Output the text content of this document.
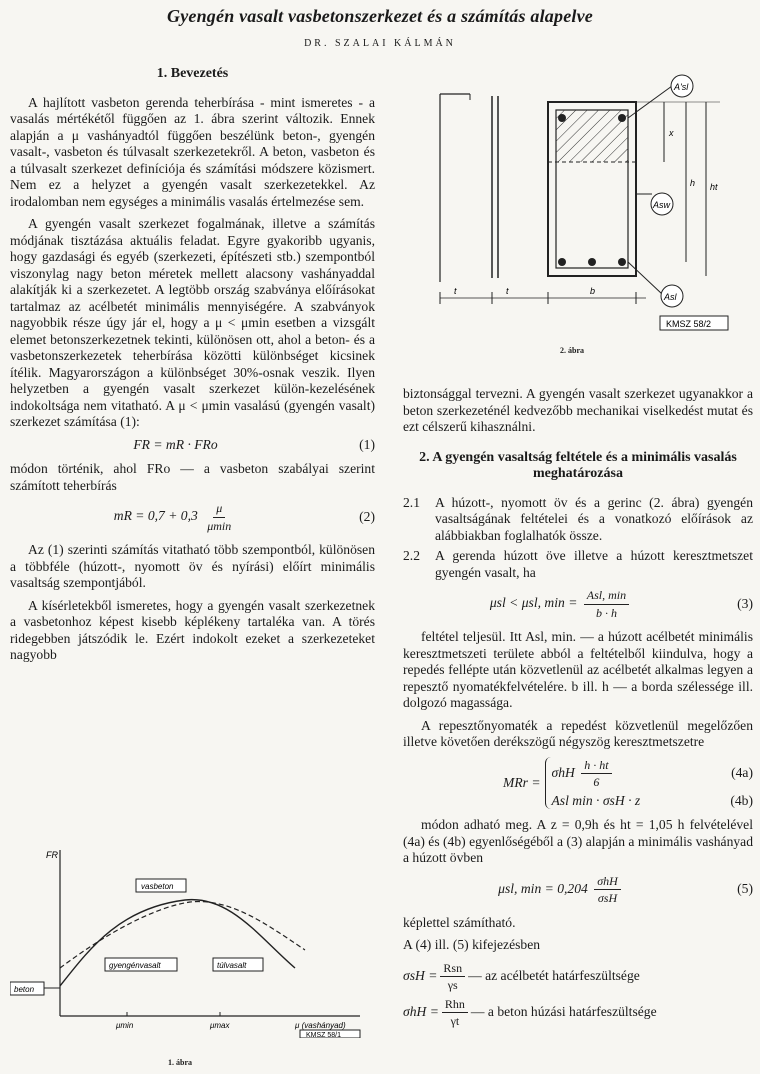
Gyengén vasalt vasbetonszerkezet és a számítás alapelve
DR. SZALAI KÁLMÁN
1. Bevezetés

A hajlított vasbeton gerenda teherbírása - mint ismeretes - a vasalás mértékétől függően az 1. ábra szerint változik. Ennek alapján a μ vashányadtól függően beszélünk beton-, gyengén vasalt-, vasbeton és túlvasalt szerkezetekről. A beton, vasbeton és a túlvasalt szerkezet definíciója és számítási módszere közismert. Nem ez a helyzet a gyengén vasalt szerkezetekkel. Az irodalomban nem egységes a minimális vasalás értelmezése sem.

A gyengén vasalt szerkezet fogalmának, illetve a számítás módjának tisztázása aktuális feladat. Egyre gyakoribb ugyanis, hogy gazdasági és egyéb (szerkezeti, építészeti stb.) szempontból viszonylag nagy beton méretek mellett alacsony vashányaddal alakítják ki a szerkezetet. A legtöbb ország szabványa előírásokat tartalmaz az acélbetét minimális mennyiségére. A szabványok nagyobbik része úgy jár el, hogy a μ < μmin esetben a vizsgált elemet betonszerkezetnek tekinti, különösen ott, ahol a beton- és a vasbetonszerkezetek teherbírása közötti különbséget kicsinek ítélik. Magyarországon a különbséget 30%-osnak veszik. Ilyen helyzetben a gyengén vasalt szerkezet külön-kezelésének indokoltsága nem vitatható. A μ < μmin vasalású (gyengén vasalt) szerkezet számítása (1):

FR = mR · FRo	(1)

módon történik, ahol FRo — a vasbeton szabályai szerint számított teherbírás

mR = $0,7 + 0,3 \frac{\mu}{\mu\min}$	(2)

Az (1) szerinti számítás vitatható több szempontból, különösen a többféle (húzott-, nyomott öv és nyírási) előírt minimális vasaltság szempontjából.

A kísérletekből ismeretes, hogy a gyengén vasalt szerkezetnek a vasbetonhoz képest kisebb képlékeny tartaléka van. A törés ridegebben játszódik le. Ezért indokolt ezeket a szerkezeteket nagyobb

FR
μmin	μmax	μ (vashányad)
vasbeton
gyengénvasalt	túlvasalt
beton
KMSZ 58/1
1. ábra
A'sl
Asw
Asl
x
h ht
t	t	b
KMSZ 58/2
2. ábra

biztonsággal tervezni. A gyengén vasalt szerkezet ugyanakkor a beton szerkezeténél kedvezőbb mechanikai viselkedést mutat és ezt célszerű kihasználni.

2. A gyengén vasaltság feltétele és a minimális vasalás meghatározása
2.1	A húzott-, nyomott öv és a gerinc (2. ábra) gyengén vasaltságának feltételei és a vonatkozó előírások az alábbiakban foglalhatók össze.
2.2	A gerenda húzott öve illetve a húzott keresztmetszet gyengén vasalt, ha
μsl < μsl, $\min = \frac{\text{Asl, min}}{b \cdot h}$	(3)

feltétel teljesül. Itt Asl, min. — a húzott acélbetét minimális keresztmetszeti területe abból a feltételből kiindulva, hogy a repedés fellépte után közvetlenül az acélbetét alkalmas legyen a repesztő nyomatékfelvételére. b ill. h — a borda szélessége ill. dolgozó magassága.

A repesztőnyomaték a repedést közvetlenül megelőzően illetve követően derékszögű négyszög keresztmetszetre

MRr =
σhH $\frac{h \cdot ht}{6}$	(4a)
Asl min · σsH · z	(4b)

módon adható meg. A z = 0,9h és ht = 1,05 h felvételével (4a) és (4b) egyenlőségéből a (3) alapján a minimális vashányad a húzott övben

μsl, $\min = 0,204 \frac{\text{σhH}}{\text{σsH}}$	(5)

képlettel számítható.

A (4) ill. (5) kifejezésben

$\sigma sH = \frac{\text{Rsn}}{\gamma s}$ — az acélbetét határfeszültsége
$\sigma hH = \frac{\text{Rhn}}{\gamma t}$ — a beton húzási határfeszültsége
